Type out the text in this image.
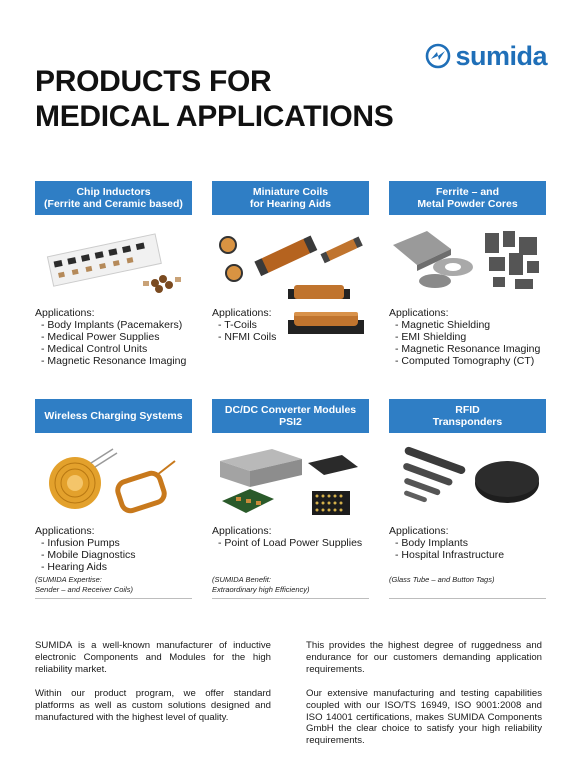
sumida
PRODUCTS FOR
MEDICAL APPLICATIONS
Chip Inductors
(Ferrite and Ceramic based)
Applications:
- Body Implants (Pacemakers)
- Medical Power Supplies
- Medical Control Units
- Magnetic Resonance Imaging
Miniature Coils
for Hearing Aids
Applications:
- T-Coils
- NFMI Coils
Ferrite – and
Metal Powder Cores
Applications:
- Magnetic Shielding
- EMI Shielding
- Magnetic Resonance Imaging
- Computed Tomography (CT)
Wireless Charging Systems
Applications:
- Infusion Pumps
- Mobile Diagnostics
- Hearing Aids
(SUMIDA Expertise:
Sender – and Receiver Coils)
DC/DC Converter Modules
PSI2
Applications:
- Point of Load Power Supplies
(SUMIDA Benefit:
Extraordinary high Efficiency)
RFID
Transponders
Applications:
- Body Implants
- Hospital Infrastructure
(Glass Tube – and Button Tags)

SUMIDA is a well-known manufacturer of inductive electronic Components and Modules for the high reliability market.

Within our product program, we offer standard platforms as well as custom solutions designed and manufactured with the highest level of quality.

This provides the highest degree of ruggedness and endurance for our customers demanding application requirements.

Our extensive manufacturing and testing capabilities coupled with our ISO/TS 16949, ISO 9001:2008 and ISO 14001 certifications, makes SUMIDA Components GmbH the clear choice to satisfy your high reliability requirements.
